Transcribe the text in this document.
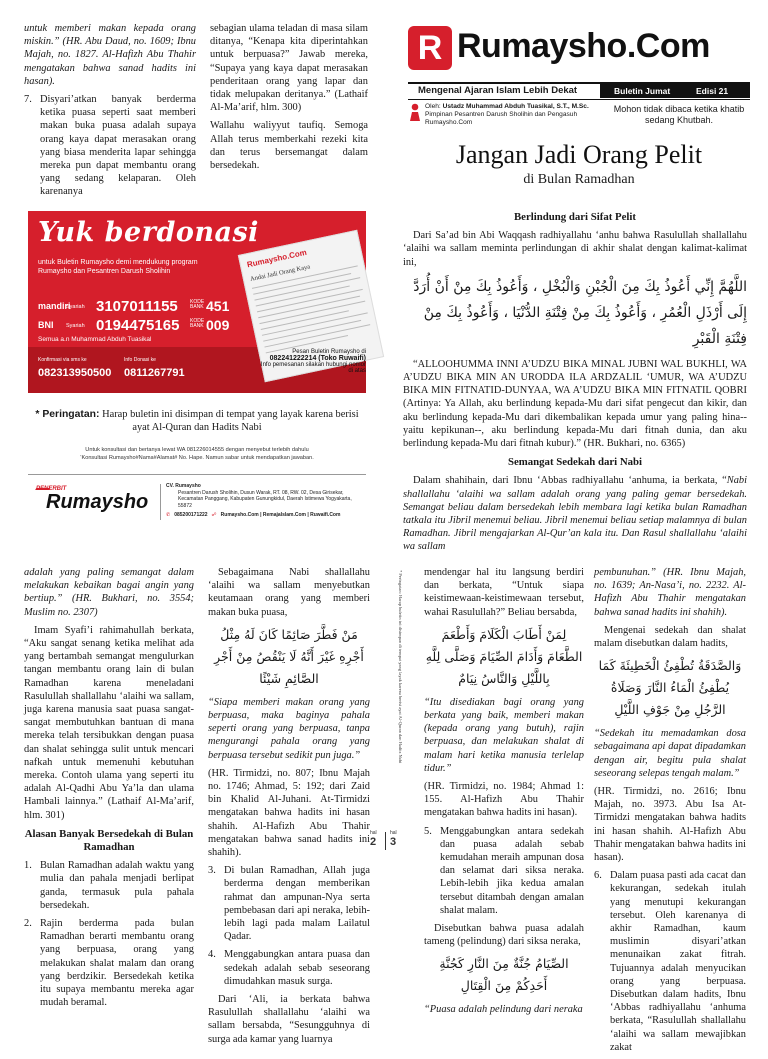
untuk memberi makan kepada orang miskin.” (HR. Abu Daud, no. 1609; Ibnu Majah, no. 1827. Al-Hafizh Abu Thahir mengatakan bahwa sanad hadits ini hasan).

7. Disyari’atkan banyak berderma ketika puasa seperti saat memberi makan buka puasa adalah supaya orang kaya dapat merasakan orang yang biasa menderita lapar sehingga mereka pun dapat membantu orang yang sedang kelaparan. Oleh karenanya

sebagian ulama teladan di masa silam ditanya, “Kenapa kita diperintahkan untuk berpuasa?” Jawab mereka, “Supaya yang kaya dapat merasakan penderitaan orang yang lapar dan tidak melupakan deritanya.” (Lathaif Al-Ma’arif, hlm. 300)

Wallahu waliyyut taufiq. Semoga Allah terus memberkahi rezeki kita dan terus bersemangat dalam bersedekah.

Yuk berdonasi
untuk Buletin Rumaysho demi mendukung program Rumaysho dan Pesantren Darush Sholihin
mandiri
Syariah 3107011155 KODE BANK 451
BNI Syariah 0194475165 KODE BANK 009
Semua a.n Muhammad Abduh Tuasikal
Konfirmasi via sms ke
082313950500
Info Donasi ke
0811267791
Rumaysho.Com
Andai Jadi Orang Kaya
Pesan Buletin Rumaysho di
082241222214 (Toko Ruwaifi)
Info pemesanan silakan hubungi nomor di atas
* Peringatan: Harap buletin ini disimpan di tempat yang layak karena berisi ayat Al-Quran dan Hadits Nabi
Untuk konsultasi dan bertanya lewat WA 081226014555 dengan menyebut terlebih dahulu
‘Konsultasi Rumaysho#Nama#Alamat# No. Hape. Namun sabar untuk mendapatkan jawaban.
PENERBIT
Rumaysho
CV. Rumaysho
Pesantren Darush Sholihin, Dusun Warak, RT. 08, RW. 02, Desa Girisekar, Kecamatan Panggang, Kabupaten Gunungkidul, Daerah Istimewa Yogyakarta, 55872
✆ 085200171222 ☍ Rumaysho.Com | RemajaIslam.Com | Ruwaifi.Com
R Rumaysho.Com
Mengenal Ajaran Islam Lebih Dekat	Buletin Jumat	Edisi 21
Oleh: Ustadz Muhammad Abduh Tuasikal, S.T., M.Sc.
Pimpinan Pesantren Darush Sholihin dan Pengasuh Rumaysho.Com
Mohon tidak dibaca ketika khatib sedang Khutbah.
Jangan Jadi Orang Pelit
di Bulan Ramadhan
Berlindung dari Sifat Pelit

Dari Sa’ad bin Abi Waqqash radhiyallahu ‘anhu bahwa Rasulullah shallallahu ‘alaihi wa sallam meminta perlindungan di akhir shalat dengan kalimat-kalimat ini,

اللَّهُمَّ إِنِّي أَعُوذُ بِكَ مِنَ الْجُبْنِ وَالْبُخْلِ ، وَأَعُوذُ بِكَ مِنْ أَنْ أُرَدَّ إِلَى أَرْذَلِ الْعُمُرِ ، وَأَعُوذُ بِكَ مِنْ فِتْنَةِ الدُّنْيَا ، وَأَعُوذُ بِكَ مِنْ فِتْنَةِ الْقَبْرِ

“ALLOOHUMMA INNI A’UDZU BIKA MINAL JUBNI WAL BUKHLI, WA A’UDZU BIKA MIN AN URODDA ILA ARDZALIL ‘UMUR, WA A’UDZU BIKA MIN FITNATID-DUNYAA, WA A’UDZU BIKA MIN FITNATIL QOBRI (Artinya: Ya Allah, aku berlindung kepada-Mu dari sifat pengecut dan kikir, dan aku berlindung kepada-Mu dari dikembalikan kepada umur yang paling hina--yaitu kepikunan--, aku berlindung kepada-Mu dari fitnah dunia, dan aku berlindung kepada-Mu dari fitnah kubur).” (HR. Bukhari, no. 6365)

Semangat Sedekah dari Nabi

Dalam shahihain, dari Ibnu ‘Abbas radhiyallahu ‘anhuma, ia berkata, “Nabi shallallahu ‘alaihi wa sallam adalah orang yang paling gemar bersedekah. Semangat beliau dalam bersedekah lebih membara lagi ketika bulan Ramadhan tatkala itu Jibril menemui beliau. Jibril menemui beliau setiap malamnya di bulan Ramadhan. Jibril mengajarkan Al-Qur’an kala itu. Dan Rasul shallallahu ‘alaihi wa sallam

adalah yang paling semangat dalam melakukan kebaikan bagai angin yang bertiup.” (HR. Bukhari, no. 3554; Muslim no. 2307)

Imam Syafi’i rahimahullah berkata, “Aku sangat senang ketika melihat ada yang bertambah semangat mengulurkan tangan membantu orang lain di bulan Ramadhan karena meneladani Rasulullah shallallahu ‘alaihi wa sallam, juga karena manusia saat puasa sangat-sangat membutuhkan bantuan di mana mereka telah tersibukkan dengan puasa dan shalat sehingga sulit untuk mencari nafkah untuk memenuhi kebutuhan mereka. Contoh ulama yang seperti itu adalah Al-Qadhi Abu Ya’la dan ulama Hambali lainnya.” (Lathaif Al-Ma’arif, hlm. 301)

Alasan Banyak Bersedekah di Bulan Ramadhan
1. Bulan Ramadhan adalah waktu yang mulia dan pahala menjadi berlipat ganda, termasuk pula pahala bersedekah.
2. Rajin berderma pada bulan Ramadhan berarti membantu orang yang berpuasa, orang yang melakukan shalat malam dan orang yang berdzikir. Bersedekah ketika itu supaya membantu mereka agar mudah beramal.

Sebagaimana Nabi shallallahu ‘alaihi wa sallam menyebutkan keutamaan orang yang memberi makan buka puasa,

مَنْ فَطَّرَ صَائِمًا كَانَ لَهُ مِثْلُ أَجْرِهِ غَيْرَ أَنَّهُ لَا يَنْقُصُ مِنْ أَجْرِ الصَّائِمِ شَيْئًا

“Siapa memberi makan orang yang berpuasa, maka baginya pahala seperti orang yang berpuasa, tanpa mengurangi pahala orang yang berpuasa tersebut sedikit pun juga.”

(HR. Tirmidzi, no. 807; Ibnu Majah no. 1746; Ahmad, 5: 192; dari Zaid bin Khalid Al-Juhani. At-Tirmidzi mengatakan bahwa hadits ini hasan shahih. Al-Hafizh Abu Thahir mengatakan bahwa sanad hadits ini shahih).

3. Di bulan Ramadhan, Allah juga berderma dengan memberikan rahmat dan ampunan-Nya serta pembebasan dari api neraka, lebih-lebih lagi pada malam Lailatul Qadar.
4. Menggabungkan antara puasa dan sedekah adalah sebab seseorang dimudahkan masuk surga.

Dari ‘Ali, ia berkata bahwa Rasulullah shallallahu ‘alaihi wa sallam bersabda, “Sesungguhnya di surga ada kamar yang luarnya

* Peringatan: Harap buletin ini disimpan di tempat yang layak karena berisi ayat Al-Quran dan Hadits Nabi
hal	hal
2 3

mendengar hal itu langsung berdiri dan berkata, “Untuk siapa keistimewaan-keistimewaan tersebut, wahai Rasulullah?” Beliau bersabda,

لِمَنْ أَطَابَ الْكَلَامَ وَأَطْعَمَ الطَّعَامَ وَأَدَامَ الصِّيَامَ وَصَلَّى لِلَّهِ بِاللَّيْلِ وَالنَّاسُ نِيَامٌ

“Itu disediakan bagi orang yang berkata yang baik, memberi makan (kepada orang yang butuh), rajin berpuasa, dan melakukan shalat di malam hari ketika manusia terlelap tidur.”

(HR. Tirmidzi, no. 1984; Ahmad 1: 155. Al-Hafizh Abu Thahir mengatakan bahwa hadits ini hasan).

5. Menggabungkan antara sedekah dan puasa adalah sebab kemudahan meraih ampunan dosa dan selamat dari siksa neraka. Lebih-lebih jika kedua amalan tersebut ditambah dengan amalan shalat malam.

Disebutkan bahwa puasa adalah tameng (pelindung) dari siksa neraka,

الصِّيَامُ جُنَّةٌ مِنَ النَّارِ كَجُنَّةِ أَحَدِكُمْ مِنَ الْقِتَالِ

“Puasa adalah pelindung dari neraka

pembunuhan.” (HR. Ibnu Majah, no. 1639; An-Nasa’i, no. 2232. Al-Hafizh Abu Thahir mengatakan bahwa sanad hadits ini shahih).

Mengenai sedekah dan shalat malam disebutkan dalam hadits,

وَالصَّدَقَةُ تُطْفِئُ الْخَطِيئَةَ كَمَا يُطْفِئُ الْمَاءُ النَّارَ وَصَلَاةُ الرَّجُلِ مِنْ جَوْفِ اللَّيْلِ

“Sedekah itu memadamkan dosa sebagaimana api dapat dipadamkan dengan air, begitu pula shalat seseorang selepas tengah malam.”

(HR. Tirmidzi, no. 2616; Ibnu Majah, no. 3973. Abu Isa At-Tirmidzi mengatakan bahwa hadits ini hasan shahih. Al-Hafizh Abu Thahir mengatakan bahwa hadits ini hasan).

6. Dalam puasa pasti ada cacat dan kekurangan, sedekah itulah yang menutupi kekurangan tersebut. Oleh karenanya di akhir Ramadhan, kaum muslimin disyari’atkan menunaikan zakat fitrah. Tujuannya adalah menyucikan orang yang berpuasa. Disebutkan dalam hadits, Ibnu ‘Abbas radhiyallahu ‘anhuma berkata, “Rasulullah shallallahu ‘alaihi wa sallam mewajibkan zakat
